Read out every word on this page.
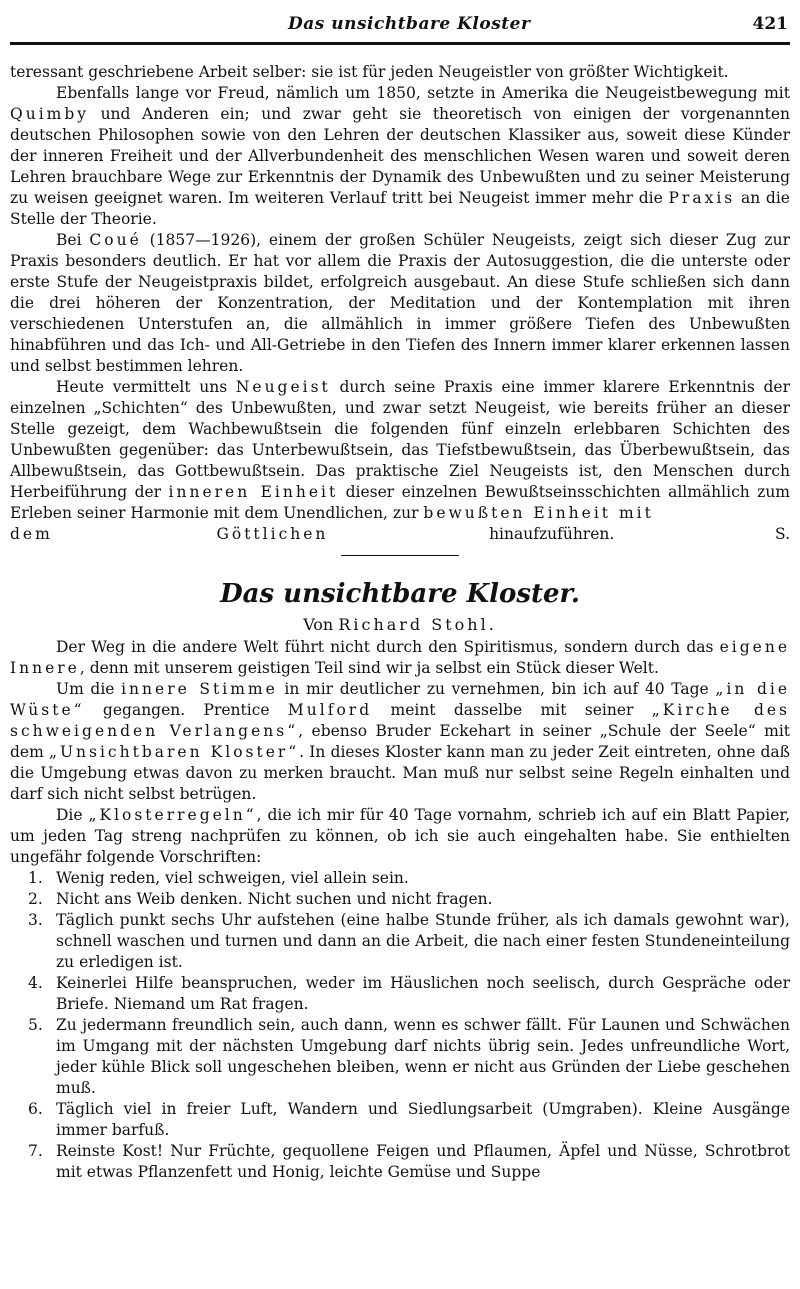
Das unsichtbare Kloster	421

teressant geschriebene Arbeit selber: sie ist für jeden Neugeistler von größter Wichtigkeit.

Ebenfalls lange vor Freud, nämlich um 1850, setzte in Amerika die Neugeistbewegung mit Quimby und Anderen ein; und zwar geht sie theoretisch von einigen der vorgenannten deutschen Philosophen sowie von den Lehren der deutschen Klassiker aus, soweit diese Künder der inneren Freiheit und der Allverbundenheit des menschlichen Wesen waren und soweit deren Lehren brauchbare Wege zur Erkenntnis der Dynamik des Unbewußten und zu seiner Meisterung zu weisen geeignet waren. Im weiteren Verlauf tritt bei Neugeist immer mehr die Praxis an die Stelle der Theorie.

Bei Coué (1857—1926), einem der großen Schüler Neugeists, zeigt sich dieser Zug zur Praxis besonders deutlich. Er hat vor allem die Praxis der Autosuggestion, die die unterste oder erste Stufe der Neugeistpraxis bildet, erfolgreich ausgebaut. An diese Stufe schließen sich dann die drei höheren der Konzentration, der Meditation und der Kontemplation mit ihren verschiedenen Unterstufen an, die allmählich in immer größere Tiefen des Unbewußten hinabführen und das Ich- und All-Getriebe in den Tiefen des Innern immer klarer erkennen lassen und selbst bestimmen lehren.

Heute vermittelt uns Neugeist durch seine Praxis eine immer klarere Erkenntnis der einzelnen „Schichten“ des Unbewußten, und zwar setzt Neugeist, wie bereits früher an dieser Stelle gezeigt, dem Wachbewußtsein die folgenden fünf einzeln erlebbaren Schichten des Unbewußten gegenüber: das Unterbewußtsein, das Tiefstbewußtsein, das Überbewußtsein, das Allbewußtsein, das Gottbewußtsein. Das praktische Ziel Neugeists ist, den Menschen durch Herbeiführung der inneren Einheit dieser einzelnen Bewußtseinsschichten allmählich zum Erleben seiner Harmonie mit dem Unendlichen, zur bewußten Einheit mit

dem Göttlichen hinaufzuführen.	S.

Das unsichtbare Kloster.
Von Richard Stohl.

Der Weg in die andere Welt führt nicht durch den Spiritismus, sondern durch das eigene Innere, denn mit unserem geistigen Teil sind wir ja selbst ein Stück dieser Welt.

Um die innere Stimme in mir deutlicher zu vernehmen, bin ich auf 40 Tage „in die Wüste“ gegangen. Prentice Mulford meint dasselbe mit seiner „Kirche des schweigenden Verlangens“, ebenso Bruder Eckehart in seiner „Schule der Seele“ mit dem „Unsichtbaren Kloster“. In dieses Kloster kann man zu jeder Zeit eintreten, ohne daß die Umgebung etwas davon zu merken braucht. Man muß nur selbst seine Regeln einhalten und darf sich nicht selbst betrügen.

Die „Klosterregeln“, die ich mir für 40 Tage vornahm, schrieb ich auf ein Blatt Papier, um jeden Tag streng nachprüfen zu können, ob ich sie auch eingehalten habe. Sie enthielten ungefähr folgende Vorschriften:

1. Wenig reden, viel schweigen, viel allein sein.
2. Nicht ans Weib denken. Nicht suchen und nicht fragen.
3. Täglich punkt sechs Uhr aufstehen (eine halbe Stunde früher, als ich damals gewohnt war), schnell waschen und turnen und dann an die Arbeit, die nach einer festen Stundeneinteilung zu erledigen ist.
4. Keinerlei Hilfe beanspruchen, weder im Häuslichen noch seelisch, durch Gespräche oder Briefe. Niemand um Rat fragen.
5. Zu jedermann freundlich sein, auch dann, wenn es schwer fällt. Für Launen und Schwächen im Umgang mit der nächsten Umgebung darf nichts übrig sein. Jedes unfreundliche Wort, jeder kühle Blick soll ungeschehen bleiben, wenn er nicht aus Gründen der Liebe geschehen muß.
6. Täglich viel in freier Luft, Wandern und Siedlungsarbeit (Umgraben). Kleine Ausgänge immer barfuß.
7. Reinste Kost! Nur Früchte, gequollene Feigen und Pflaumen, Äpfel und Nüsse, Schrotbrot mit etwas Pflanzenfett und Honig, leichte Gemüse und Suppe
